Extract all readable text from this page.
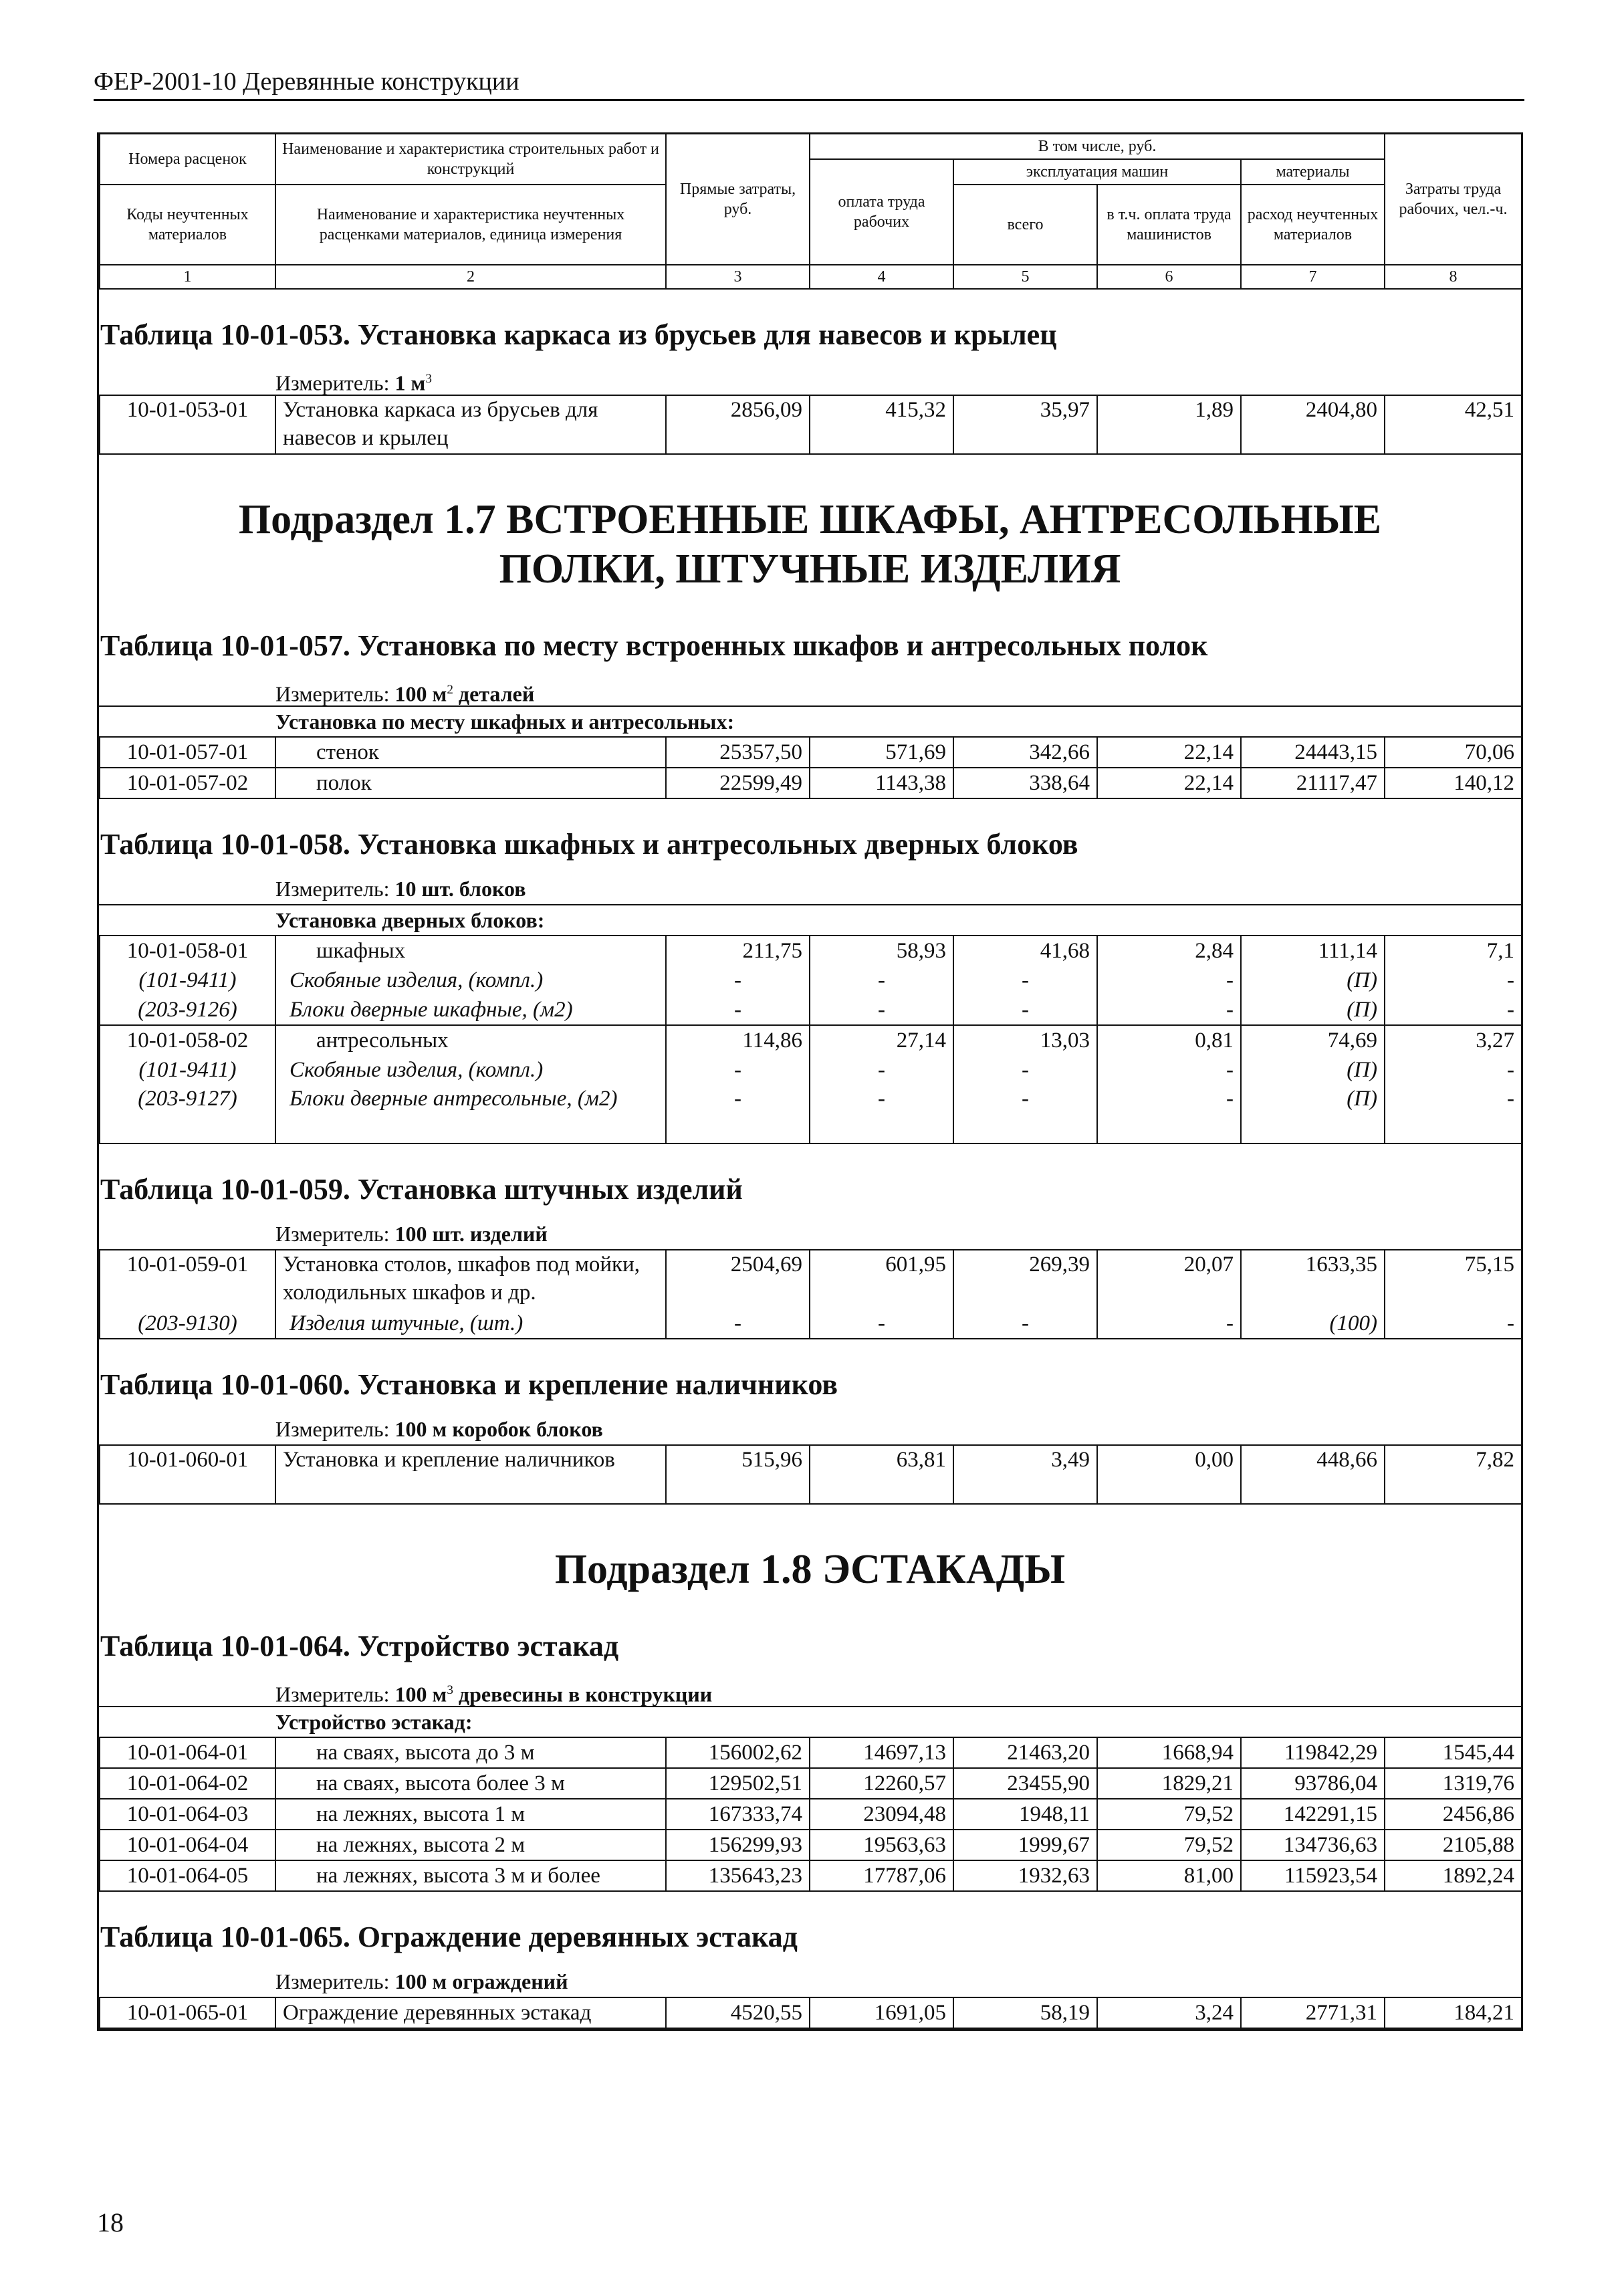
ФЕР-2001-10 Деревянные конструкции
Номера расценок	Наименование и характеристика строительных работ и конструкций	Прямые затраты, руб.	В том числе, руб.				Затраты труда рабочих, чел.-ч.
			оплата труда рабочих	эксплуатация машин		материалы	
Коды неучтенных материалов	Наименование и характеристика неучтенных расценками материалов, единица измерения			всего	в т.ч. оплата труда машинистов	расход неучтенных материалов	

1	2	3	4	5	6	7	8
Таблица 10-01-053. Установка каркаса из брусьев для навесов и крылец
Измеритель: 1 $м^3$
10-01-053-01	Установка каркаса из брусьев для навесов и крылец	2856,09	415,32	35,97	1,89	2404,80	42,51
Подраздел 1.7 ВСТРОЕННЫЕ ШКАФЫ, АНТРЕСОЛЬНЫЕ ПОЛКИ, ШТУЧНЫЕ ИЗДЕЛИЯ
Таблица 10-01-057. Установка по месту встроенных шкафов и антресольных полок
Измеритель: 100 $м^2$ деталей
Установка по месту шкафных и антресольных:
10-01-057-01	стенок	25357,50	571,69	342,66	22,14	24443,15	70,06
10-01-057-02	полок	22599,49	1143,38	338,64	22,14	21117,47	140,12
Таблица 10-01-058. Установка шкафных и антресольных дверных блоков
Измеритель: 10 шт. блоков
Установка дверных блоков:
10-01-058-01	шкафных	211,75	58,93	41,68	2,84	111,14	7,1
(101-9411)	Скобяные изделия, (компл.)	-	-	-	-	(П)	-
(203-9126)	Блоки дверные шкафные, (м2)	-	-	-	-	(П)	-
10-01-058-02	антресольных	114,86	27,14	13,03	0,81	74,69	3,27
(101-9411)	Скобяные изделия, (компл.)	-	-	-	-	(П)	-
(203-9127)	Блоки дверные антресольные, (м2)	-	-	-	-	(П)	-
Таблица 10-01-059. Установка штучных изделий
Измеритель: 100 шт. изделий
10-01-059-01	Установка столов, шкафов под мойки, холодильных шкафов и др.	2504,69	601,95	269,39	20,07	1633,35	75,15
(203-9130)	Изделия штучные, (шт.)	-	-	-	-	(100)	-
Таблица 10-01-060. Установка и крепление наличников
Измеритель: 100 м коробок блоков
10-01-060-01	Установка и крепление наличников	515,96	63,81	3,49	0,00	448,66	7,82
Подраздел 1.8 ЭСТАКАДЫ
Таблица 10-01-064. Устройство эстакад
Измеритель: 100 $м^3$ древесины в конструкции
Устройство эстакад:
10-01-064-01	на сваях, высота до 3 м	156002,62	14697,13	21463,20	1668,94	119842,29	1545,44
10-01-064-02	на сваях, высота более 3 м	129502,51	12260,57	23455,90	1829,21	93786,04	1319,76
10-01-064-03	на лежнях, высота 1 м	167333,74	23094,48	1948,11	79,52	142291,15	2456,86
10-01-064-04	на лежнях, высота 2 м	156299,93	19563,63	1999,67	79,52	134736,63	2105,88
10-01-064-05	на лежнях, высота 3 м и более	135643,23	17787,06	1932,63	81,00	115923,54	1892,24
Таблица 10-01-065. Ограждение деревянных эстакад
Измеритель: 100 м ограждений
10-01-065-01	Ограждение деревянных эстакад	4520,55	1691,05	58,19	3,24	2771,31	184,21
18
